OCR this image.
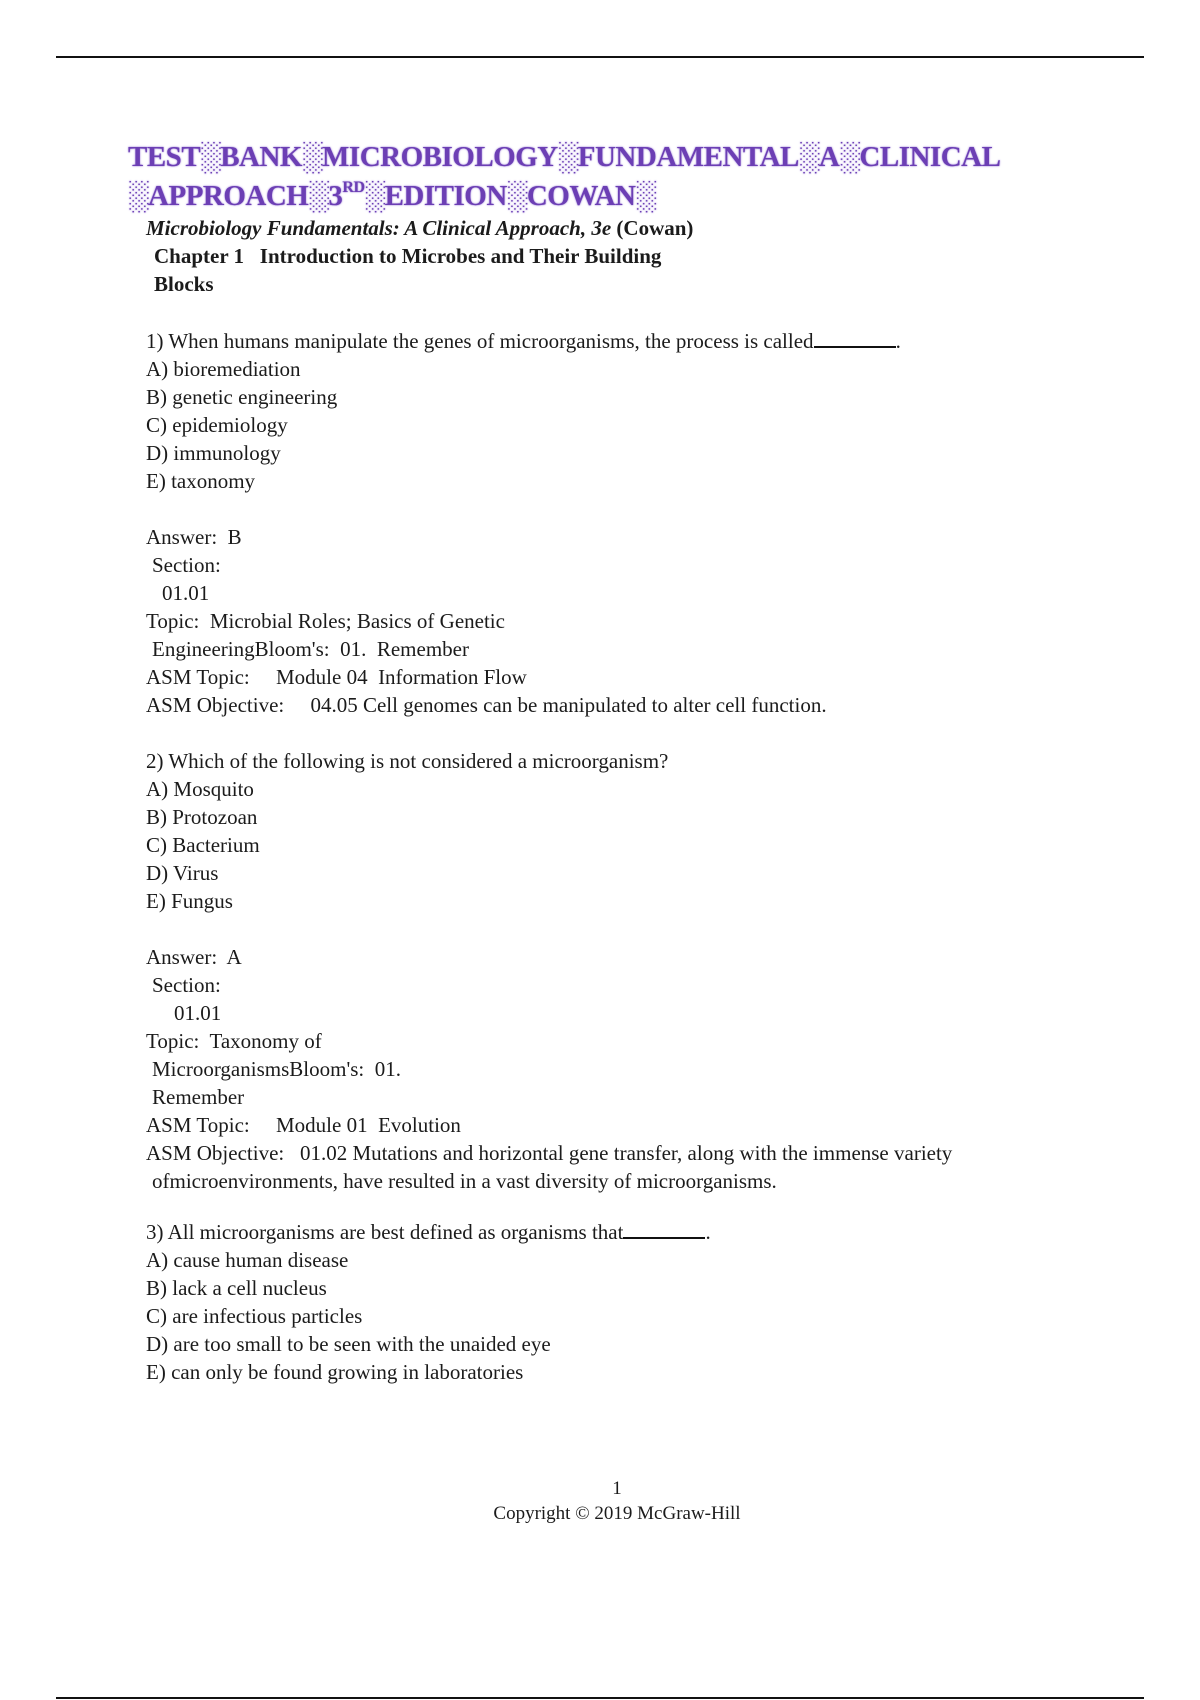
TEST░BANK░MICROBIOLOGY░FUNDAMENTAL░A░CLINICAL
░APPROACH░3RD░EDITION░COWAN░
Microbiology Fundamentals: A Clinical Approach, 3e (Cowan)
Chapter 1   Introduction to Microbes and Their Building
Blocks
1) When humans manipulate the genes of microorganisms, the process is called	.
A) bioremediation
B) genetic engineering
C) epidemiology
D) immunology
E) taxonomy
Answer:  B
Section:
01.01
Topic:  Microbial Roles; Basics of Genetic
EngineeringBloom's:  01.  Remember
ASM Topic:     Module 04  Information Flow
ASM Objective:     04.05 Cell genomes can be manipulated to alter cell function.
2) Which of the following is not considered a microorganism?
A) Mosquito
B) Protozoan
C) Bacterium
D) Virus
E) Fungus
Answer:  A
Section:
01.01
Topic:  Taxonomy of
MicroorganismsBloom's:  01.
Remember
ASM Topic:     Module 01  Evolution
ASM Objective:   01.02 Mutations and horizontal gene transfer, along with the immense variety
ofmicroenvironments, have resulted in a vast diversity of microorganisms.
3) All microorganisms are best defined as organisms that	.
A) cause human disease
B) lack a cell nucleus
C) are infectious particles
D) are too small to be seen with the unaided eye
E) can only be found growing in laboratories
1
Copyright © 2019 McGraw-Hill
